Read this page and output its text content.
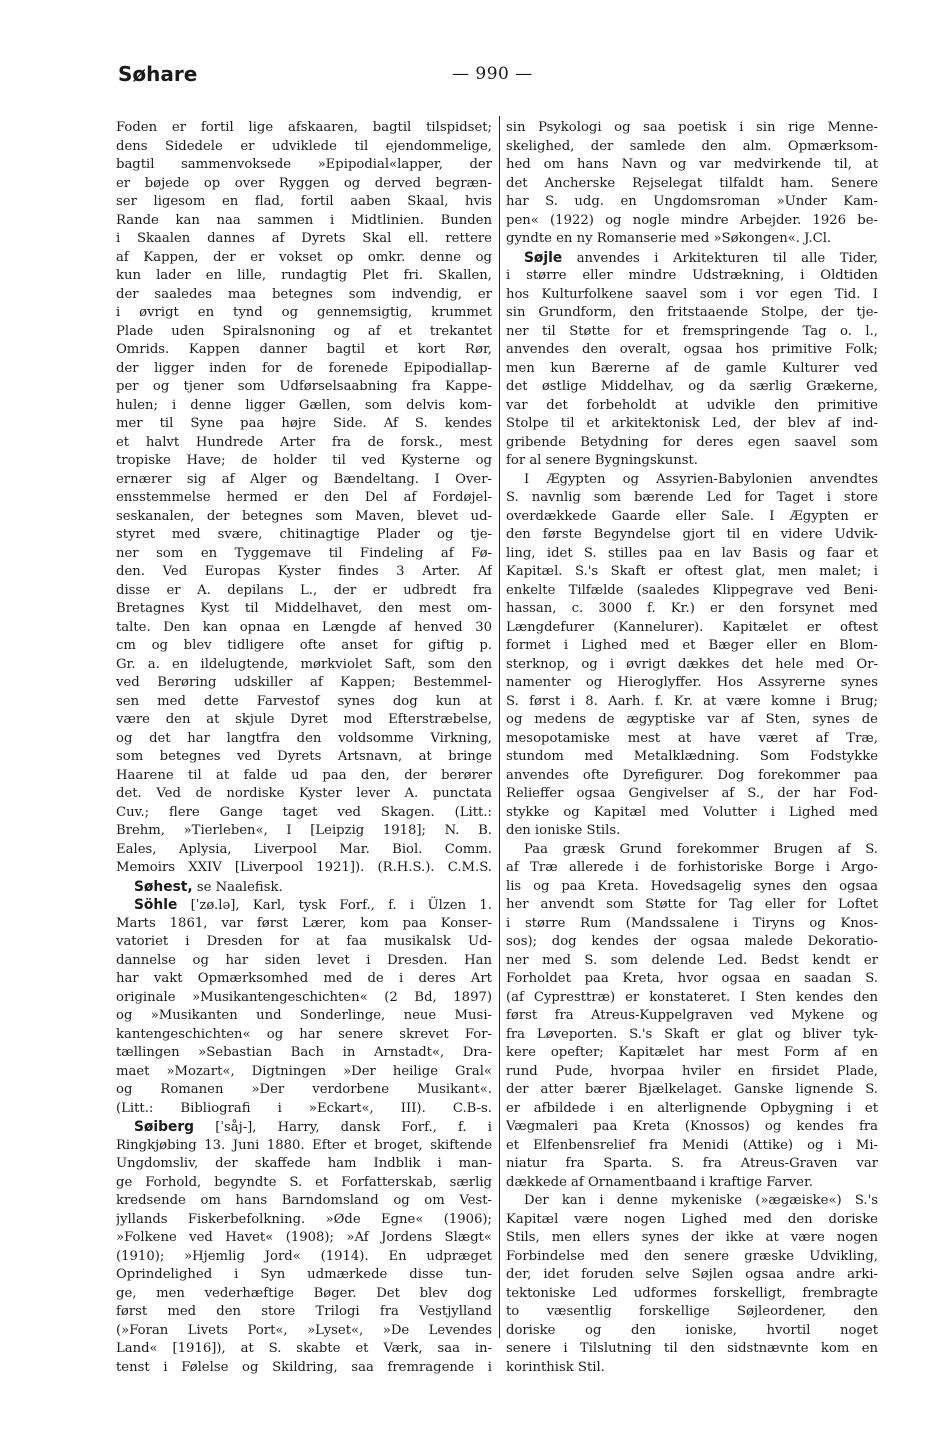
Søhare	— 990 —
Foden er fortil lige afskaaren, bagtil tilspidset;
dens Sidedele er udviklede til ejendommelige,
bagtil sammenvoksede »Epipodial«lapper, der
er bøjede op over Ryggen og derved begræn-
ser ligesom en flad, fortil aaben Skaal, hvis
Rande kan naa sammen i Midtlinien. Bunden
i Skaalen dannes af Dyrets Skal ell. rettere
af Kappen, der er vokset op omkr. denne og
kun lader en lille, rundagtig Plet fri. Skallen,
der saaledes maa betegnes som indvendig, er
i øvrigt en tynd og gennemsigtig, krummet
Plade uden Spiralsnoning og af et trekantet
Omrids. Kappen danner bagtil et kort Rør,
der ligger inden for de forenede Epipodiallap-
per og tjener som Udførselsaabning fra Kappe-
hulen; i denne ligger Gællen, som delvis kom-
mer til Syne paa højre Side. Af S. kendes
et halvt Hundrede Arter fra de forsk., mest
tropiske Have; de holder til ved Kysterne og
ernærer sig af Alger og Bændeltang. I Over-
ensstemmelse hermed er den Del af Fordøjel-
seskanalen, der betegnes som Maven, blevet ud-
styret med svære, chitinagtige Plader og tje-
ner som en Tyggemave til Findeling af Fø-
den. Ved Europas Kyster findes 3 Arter. Af
disse er A. depilans L., der er udbredt fra
Bretagnes Kyst til Middelhavet, den mest om-
talte. Den kan opnaa en Længde af henved 30
cm og blev tidligere ofte anset for giftig p.
Gr. a. en ildelugtende, mørkviolet Saft, som den
ved Berøring udskiller af Kappen; Bestemmel-
sen med dette Farvestof synes dog kun at
være den at skjule Dyret mod Efterstræbelse,
og det har langtfra den voldsomme Virkning,
som betegnes ved Dyrets Artsnavn, at bringe
Haarene til at falde ud paa den, der berører
det. Ved de nordiske Kyster lever A. punctata
Cuv.; flere Gange taget ved Skagen. (Litt.:
Brehm, »Tierleben«, I [Leipzig 1918]; N. B.
Eales, Aplysia, Liverpool Mar. Biol. Comm.
Memoirs XXIV [Liverpool 1921]). (R.H.S.). C.M.S.
Søhest, se Naalefisk.
Söhle [ˈzø.lə], Karl, tysk Forf., f. i Ülzen 1.
Marts 1861, var først Lærer, kom paa Konser-
vatoriet i Dresden for at faa musikalsk Ud-
dannelse og har siden levet i Dresden. Han
har vakt Opmærksomhed med de i deres Art
originale »Musikantengeschichten« (2 Bd, 1897)
og »Musikanten und Sonderlinge, neue Musi-
kantengeschichten« og har senere skrevet For-
tællingen »Sebastian Bach in Arnstadt«, Dra-
maet »Mozart«, Digtningen »Der heilige Gral«
og Romanen »Der verdorbene Musikant«.
(Litt.: Bibliografi i »Eckart«, III). C.B-s.
Søiberg [ˈsåj-], Harry, dansk Forf., f. i
Ringkjøbing 13. Juni 1880. Efter et broget, skiftende
Ungdomsliv, der skaffede ham Indblik i man-
ge Forhold, begyndte S. et Forfatterskab, særlig
kredsende om hans Barndomsland og om Vest-
jyllands Fiskerbefolkning. »Øde Egne« (1906);
»Folkene ved Havet« (1908); »Af Jordens Slægt«
(1910); »Hjemlig Jord« (1914). En udpræget
Oprindelighed i Syn udmærkede disse tun-
ge, men vederhæftige Bøger. Det blev dog
først med den store Trilogi fra Vestjylland
(»Foran Livets Port«, »Lyset«, »De Levendes
Land« [1916]), at S. skabte et Værk, saa in-
tenst i Følelse og Skildring, saa fremragende i
sin Psykologi og saa poetisk i sin rige Menne-
skelighed, der samlede den alm. Opmærksom-
hed om hans Navn og var medvirkende til, at
det Ancherske Rejselegat tilfaldt ham. Senere
har S. udg. en Ungdomsroman »Under Kam-
pen« (1922) og nogle mindre Arbejder. 1926 be-
gyndte en ny Romanserie med »Søkongen«. J.Cl.
Søjle anvendes i Arkitekturen til alle Tider,
i større eller mindre Udstrækning, i Oldtiden
hos Kulturfolkene saavel som i vor egen Tid. I
sin Grundform, den fritstaaende Stolpe, der tje-
ner til Støtte for et fremspringende Tag o. l.,
anvendes den overalt, ogsaa hos primitive Folk;
men kun Bærerne af de gamle Kulturer ved
det østlige Middelhav, og da særlig Grækerne,
var det forbeholdt at udvikle den primitive
Stolpe til et arkitektonisk Led, der blev af ind-
gribende Betydning for deres egen saavel som
for al senere Bygningskunst.
I Ægypten og Assyrien-Babylonien anvendtes
S. navnlig som bærende Led for Taget i store
overdækkede Gaarde eller Sale. I Ægypten er
den første Begyndelse gjort til en videre Udvik-
ling, idet S. stilles paa en lav Basis og faar et
Kapitæl. S.'s Skaft er oftest glat, men malet; i
enkelte Tilfælde (saaledes Klippegrave ved Beni-
hassan, c. 3000 f. Kr.) er den forsynet med
Længdefurer (Kannelurer). Kapitælet er oftest
formet i Lighed med et Bæger eller en Blom-
sterknop, og i øvrigt dækkes det hele med Or-
namenter og Hieroglyffer. Hos Assyrerne synes
S. først i 8. Aarh. f. Kr. at være komne i Brug;
og medens de ægyptiske var af Sten, synes de
mesopotamiske mest at have været af Træ,
stundom med Metalklædning. Som Fodstykke
anvendes ofte Dyrefigurer. Dog forekommer paa
Relieffer ogsaa Gengivelser af S., der har Fod-
stykke og Kapitæl med Volutter i Lighed med
den ioniske Stils.
Paa græsk Grund forekommer Brugen af S.
af Træ allerede i de forhistoriske Borge i Argo-
lis og paa Kreta. Hovedsagelig synes den ogsaa
her anvendt som Støtte for Tag eller for Loftet
i større Rum (Mandssalene i Tiryns og Knos-
sos); dog kendes der ogsaa malede Dekoratio-
ner med S. som delende Led. Bedst kendt er
Forholdet paa Kreta, hvor ogsaa en saadan S.
(af Cypresttræ) er konstateret. I Sten kendes den
først fra Atreus-Kuppelgraven ved Mykene og
fra Løveporten. S.'s Skaft er glat og bliver tyk-
kere opefter; Kapitælet har mest Form af en
rund Pude, hvorpaa hviler en firsidet Plade,
der atter bærer Bjælkelaget. Ganske lignende S.
er afbildede i en alterlignende Opbygning i et
Vægmaleri paa Kreta (Knossos) og kendes fra
et Elfenbensrelief fra Menidi (Attike) og i Mi-
niatur fra Sparta. S. fra Atreus-Graven var
dækkede af Ornamentbaand i kraftige Farver.
Der kan i denne mykeniske (»ægæiske«) S.'s
Kapitæl være nogen Lighed med den doriske
Stils, men ellers synes der ikke at være nogen
Forbindelse med den senere græske Udvikling,
der, idet foruden selve Søjlen ogsaa andre arki-
tektoniske Led udformes forskelligt, frembragte
to væsentlig forskellige Søjleordener, den
doriske og den ioniske, hvortil noget
senere i Tilslutning til den sidstnævnte kom en
korinthisk Stil.
